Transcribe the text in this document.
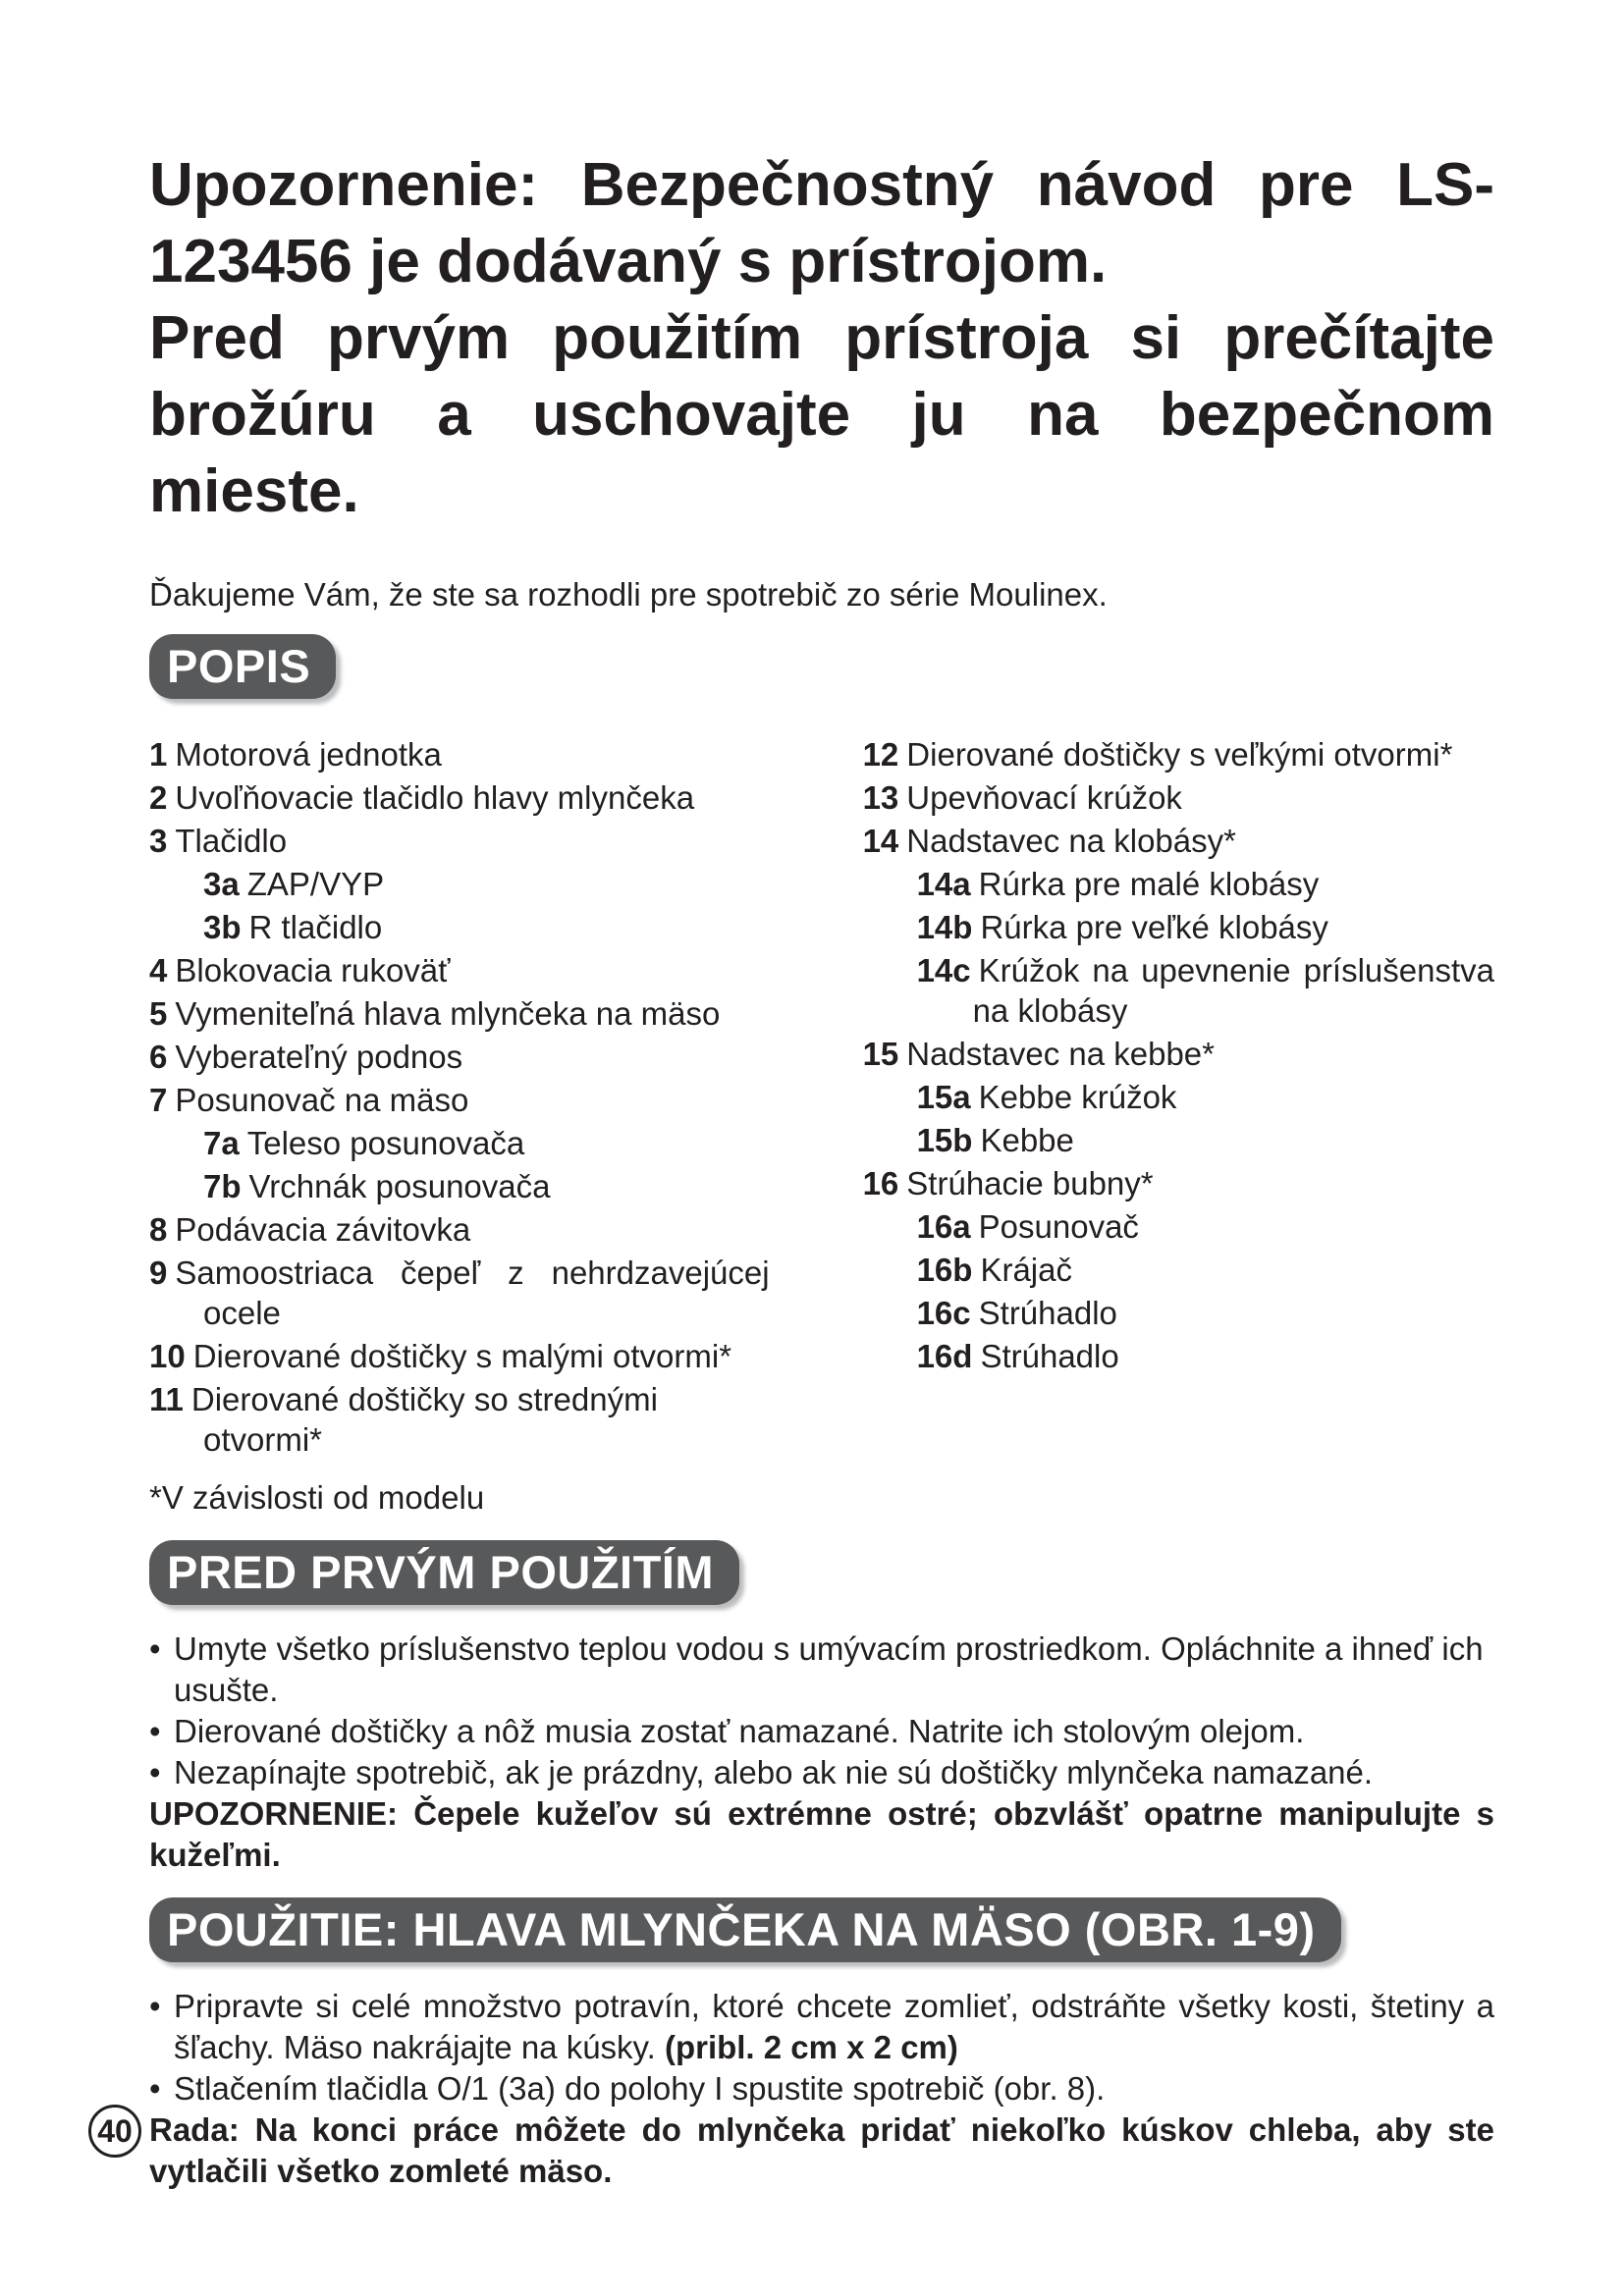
Upozornenie: Bezpečnostný návod pre LS-123456 je dodávaný s prístrojom.

Pred prvým použitím prístroja si prečítajte brožúru a uschovajte ju na bezpečnom mieste.

Ďakujeme Vám, že ste sa rozhodli pre spotrebič zo série Moulinex.
POPIS
1 Motorová jednotka
2 Uvoľňovacie tlačidlo hlavy mlynčeka
3 Tlačidlo
3a ZAP/VYP
3b R tlačidlo
4 Blokovacia rukoväť
5 Vymeniteľná hlava mlynčeka na mäso
6 Vyberateľný podnos
7 Posunovač na mäso
7a Teleso posunovača
7b Vrchnák posunovača
8 Podávacia závitovka
9 Samoostriaca čepeľ z nehrdzavejúcej ocele
10 Dierované doštičky s malými otvormi*
11 Dierované doštičky so strednými otvormi*
12 Dierované doštičky s veľkými otvormi*
13 Upevňovací krúžok
14 Nadstavec na klobásy*
14a Rúrka pre malé klobásy
14b Rúrka pre veľké klobásy
14c Krúžok na upevnenie príslušenstva na klobásy
15 Nadstavec na kebbe*
15a Kebbe krúžok
15b Kebbe
16 Strúhacie bubny*
16a Posunovač
16b Krájač
16c Strúhadlo
16d Strúhadlo
*V závislosti od modelu
PRED PRVÝM POUŽITÍM
• Umyte všetko príslušenstvo teplou vodou s umývacím prostriedkom. Opláchnite a ihneď ich usušte.
• Dierované doštičky a nôž musia zostať namazané. Natrite ich stolovým olejom.
• Nezapínajte spotrebič, ak je prázdny, alebo ak nie sú doštičky mlynčeka namazané.
UPOZORNENIE: Čepele kužeľov sú extrémne ostré; obzvlášť opatrne manipulujte s kužeľmi.
POUŽITIE: HLAVA MLYNČEKA NA MÄSO (OBR. 1-9)
• Pripravte si celé množstvo potravín, ktoré chcete zomlieť, odstráňte všetky kosti, štetiny a šľachy. Mäso nakrájajte na kúsky. (pribl. 2 cm x 2 cm)
• Stlačením tlačidla O/1 (3a) do polohy I spustite spotrebič (obr. 8).
Rada: Na konci práce môžete do mlynčeka pridať niekoľko kúskov chleba, aby ste vytlačili všetko zomleté mäso.
40
